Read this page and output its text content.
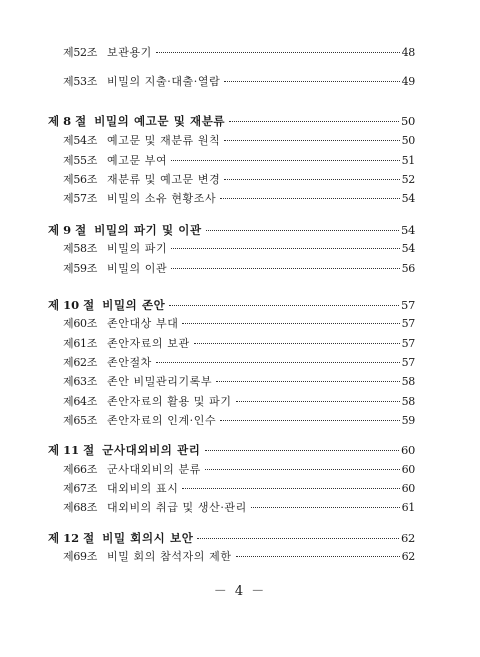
제52조 보관용기	48
제53조 비밀의 지출·대출·열람	49
제 8 절 비밀의 예고문 및 재분류	50
제54조 예고문 및 재분류 원칙	50
제55조 예고문 부여	51
제56조 재분류 및 예고문 변경	52
제57조 비밀의 소유 현황조사	54
제 9 절 비밀의 파기 및 이관	54
제58조 비밀의 파기	54
제59조 비밀의 이관	56
제 10 절 비밀의 존안	57
제60조 존안대상 부대	57
제61조 존안자료의 보관	57
제62조 존안절차	57
제63조 존안 비밀관리기록부	58
제64조 존안자료의 활용 및 파기	58
제65조 존안자료의 인계·인수	59
제 11 절 군사대외비의 관리	60
제66조 군사대외비의 분류	60
제67조 대외비의 표시	60
제68조 대외비의 취급 및 생산·관리	61
제 12 절 비밀 회의시 보안	62
제69조 비밀 회의 참석자의 제한	62
－ 4 －
